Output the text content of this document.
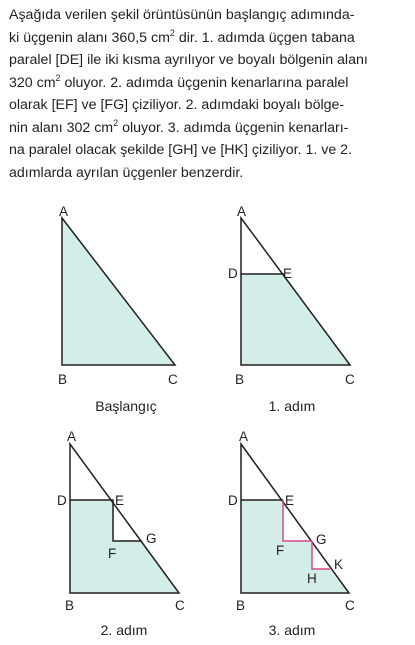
Aşağıda verilen şekil örüntüsünün başlangıç adımında-
ki üçgenin alanı 360,5 $cm^2$ dir. 1. adımda üçgen tabana
paralel [DE] ile iki kısma ayrılıyor ve boyalı bölgenin alanı
320 $cm^2$ oluyor. 2. adımda üçgenin kenarlarına paralel
olarak [EF] ve [FG] çiziliyor. 2. adımdaki boyalı bölge-
nin alanı 302 $cm^2$ oluyor. 3. adımda üçgenin kenarları-
na paralel olacak şekilde [GH] ve [HK] çiziliyor. 1. ve 2.
adımlarda ayrılan üçgenler benzerdir.
A
B	C
Başlangıç
A
D	E
B	C
1. adım
A
D	E
F
G
B	C
2. adım
A
D	E
F
G
H
K
B	C
3. adım
